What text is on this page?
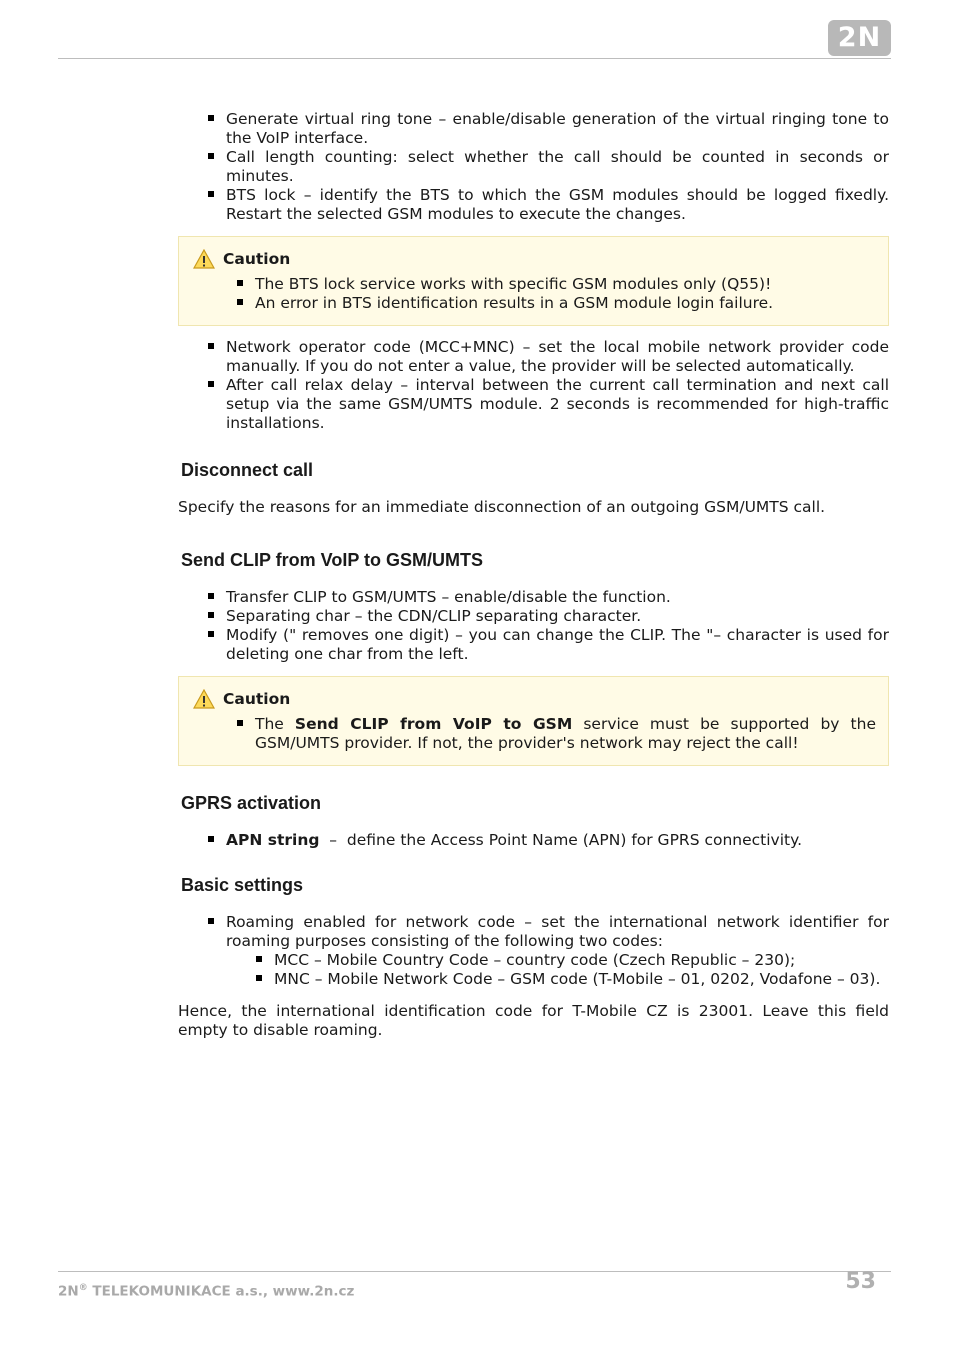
2N
Generate virtual ring tone – enable/disable generation of the virtual ringing tone to the VoIP interface.
Call length counting: select whether the call should be counted in seconds or minutes.
BTS lock – identify the BTS to which the GSM modules should be logged fixedly. Restart the selected GSM modules to execute the changes.
Caution
The BTS lock service works with specific GSM modules only (Q55)!
An error in BTS identification results in a GSM module login failure.
Network operator code (MCC+MNC) – set the local mobile network provider code manually. If you do not enter a value, the provider will be selected automatically.
After call relax delay – interval between the current call termination and next call setup via the same GSM/UMTS module. 2 seconds is recommended for high-traffic installations.
Disconnect call

Specify the reasons for an immediate disconnection of an outgoing GSM/UMTS call.

Send CLIP from VoIP to GSM/UMTS
Transfer CLIP to GSM/UMTS – enable/disable the function.
Separating char – the CDN/CLIP separating character.
Modify (" removes one digit) – you can change the CLIP. The "– character is used for deleting one char from the left.
Caution
The Send CLIP from VoIP to GSM service must be supported by the GSM/UMTS provider. If not, the provider's network may reject the call!
GPRS activation
APN string  –  define the Access Point Name (APN) for GPRS connectivity.
Basic settings
Roaming enabled for network code – set the international network identifier for roaming purposes consisting of the following two codes:
MCC – Mobile Country Code – country code (Czech Republic – 230);
MNC – Mobile Network Code – GSM code (T-Mobile – 01, 0202, Vodafone – 03).

Hence, the international identification code for T-Mobile CZ is 23001. Leave this field empty to disable roaming.

2N® TELEKOMUNIKACE a.s., www.2n.cz	53
